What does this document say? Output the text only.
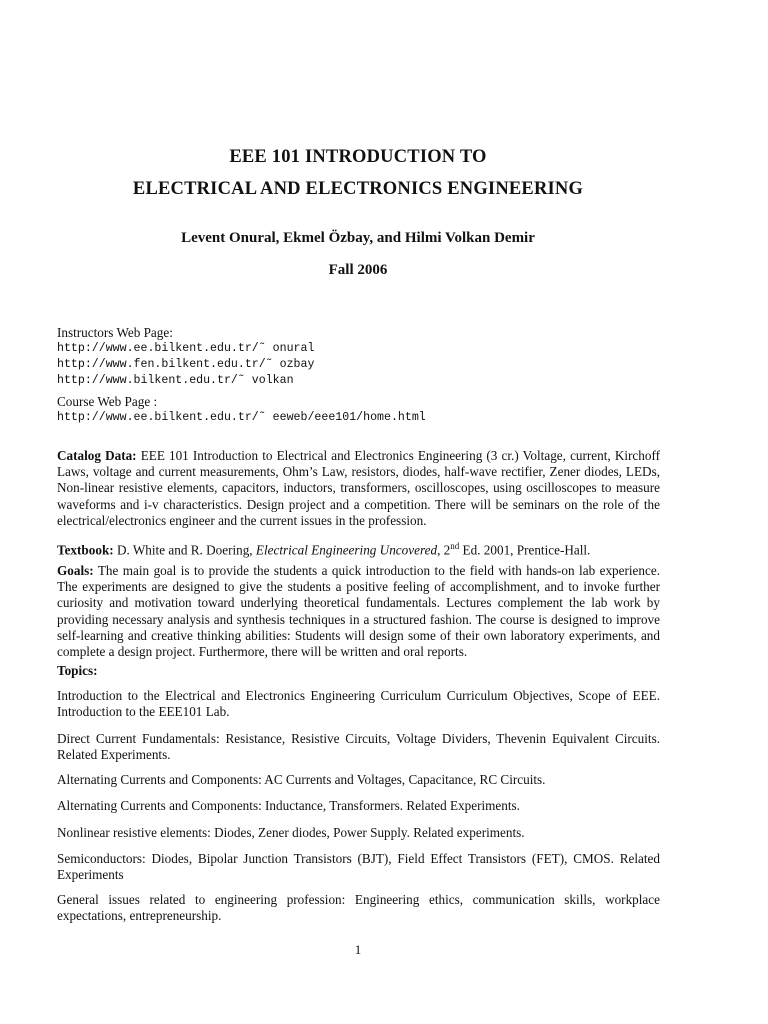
EEE 101 INTRODUCTION TO
ELECTRICAL AND ELECTRONICS ENGINEERING
Levent Onural, Ekmel Özbay, and Hilmi Volkan Demir
Fall 2006
Instructors Web Page:
http://www.ee.bilkent.edu.tr/˜ onural
http://www.fen.bilkent.edu.tr/˜ ozbay
http://www.bilkent.edu.tr/˜ volkan
Course Web Page :
http://www.ee.bilkent.edu.tr/˜ eeweb/eee101/home.html

Catalog Data: EEE 101 Introduction to Electrical and Electronics Engineering (3 cr.) Voltage, current, Kirchoff Laws, voltage and current measurements, Ohm’s Law, resistors, diodes, half-wave rectifier, Zener diodes, LEDs, Non-linear resistive elements, capacitors, inductors, transformers, oscilloscopes, using oscilloscopes to measure waveforms and i-v characteristics. Design project and a competition. There will be seminars on the role of the electrical/electronics engineer and the current issues in the profession.

Textbook: D. White and R. Doering, Electrical Engineering Uncovered, 2nd Ed. 2001, Prentice-Hall.

Goals: The main goal is to provide the students a quick introduction to the field with hands-on lab experience. The experiments are designed to give the students a positive feeling of accomplishment, and to invoke further curiosity and motivation toward underlying theoretical fundamentals. Lectures complement the lab work by providing necessary analysis and synthesis techniques in a structured fashion. The course is designed to improve self-learning and creative thinking abilities: Students will design some of their own laboratory experiments, and complete a design project. Furthermore, there will be written and oral reports.

Topics:

Introduction to the Electrical and Electronics Engineering Curriculum Curriculum Objectives, Scope of EEE. Introduction to the EEE101 Lab.

Direct Current Fundamentals: Resistance, Resistive Circuits, Voltage Dividers, Thevenin Equivalent Circuits. Related Experiments.

Alternating Currents and Components: AC Currents and Voltages, Capacitance, RC Circuits.

Alternating Currents and Components: Inductance, Transformers. Related Experiments.

Nonlinear resistive elements: Diodes, Zener diodes, Power Supply. Related experiments.

Semiconductors: Diodes, Bipolar Junction Transistors (BJT), Field Effect Transistors (FET), CMOS. Related Experiments

General issues related to engineering profession: Engineering ethics, communication skills, workplace expectations, entrepreneurship.

1
